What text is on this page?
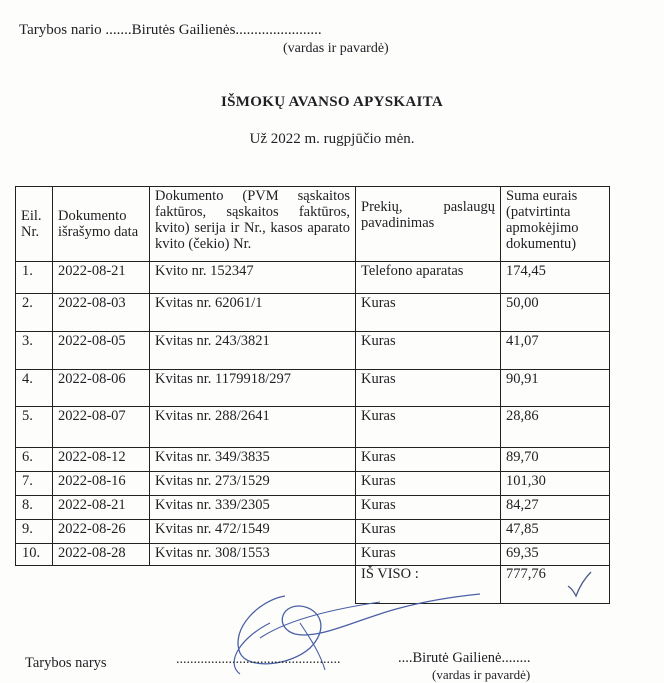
Tarybos nario .......Birutės Gailienės.......................
(vardas ir pavardė)
IŠMOKŲ AVANSO APYSKAITA
Už 2022 m. rugpjūčio mėn.
Eil. Nr.	Dokumento išrašymo data	Dokumento (PVM sąskaitos faktūros, sąskaitos faktūros, kvito) serija ir Nr., kasos aparato kvito (čekio) Nr.	Prekių, paslaugų pavadinimas	Suma eurais (patvirtinta apmokėjimo dokumentu)
1.	2022-08-21	Kvito nr. 152347	Telefono aparatas	174,45
2.	2022-08-03	Kvitas nr. 62061/1	Kuras	50,00
3.	2022-08-05	Kvitas nr. 243/3821	Kuras	41,07
4.	2022-08-06	Kvitas nr. 1179918/297	Kuras	90,91
5.	2022-08-07	Kvitas nr. 288/2641	Kuras	28,86
6.	2022-08-12	Kvitas nr. 349/3835	Kuras	89,70
7.	2022-08-16	Kvitas nr. 273/1529	Kuras	101,30
8.	2022-08-21	Kvitas nr. 339/2305	Kuras	84,27
9.	2022-08-26	Kvitas nr. 472/1549	Kuras	47,85
10.	2022-08-28	Kvitas nr. 308/1553	Kuras	69,35
			IŠ VISO :	777,76
Tarybos narys	...............................................	....Birutė Gailienė........
(vardas ir pavardė)
